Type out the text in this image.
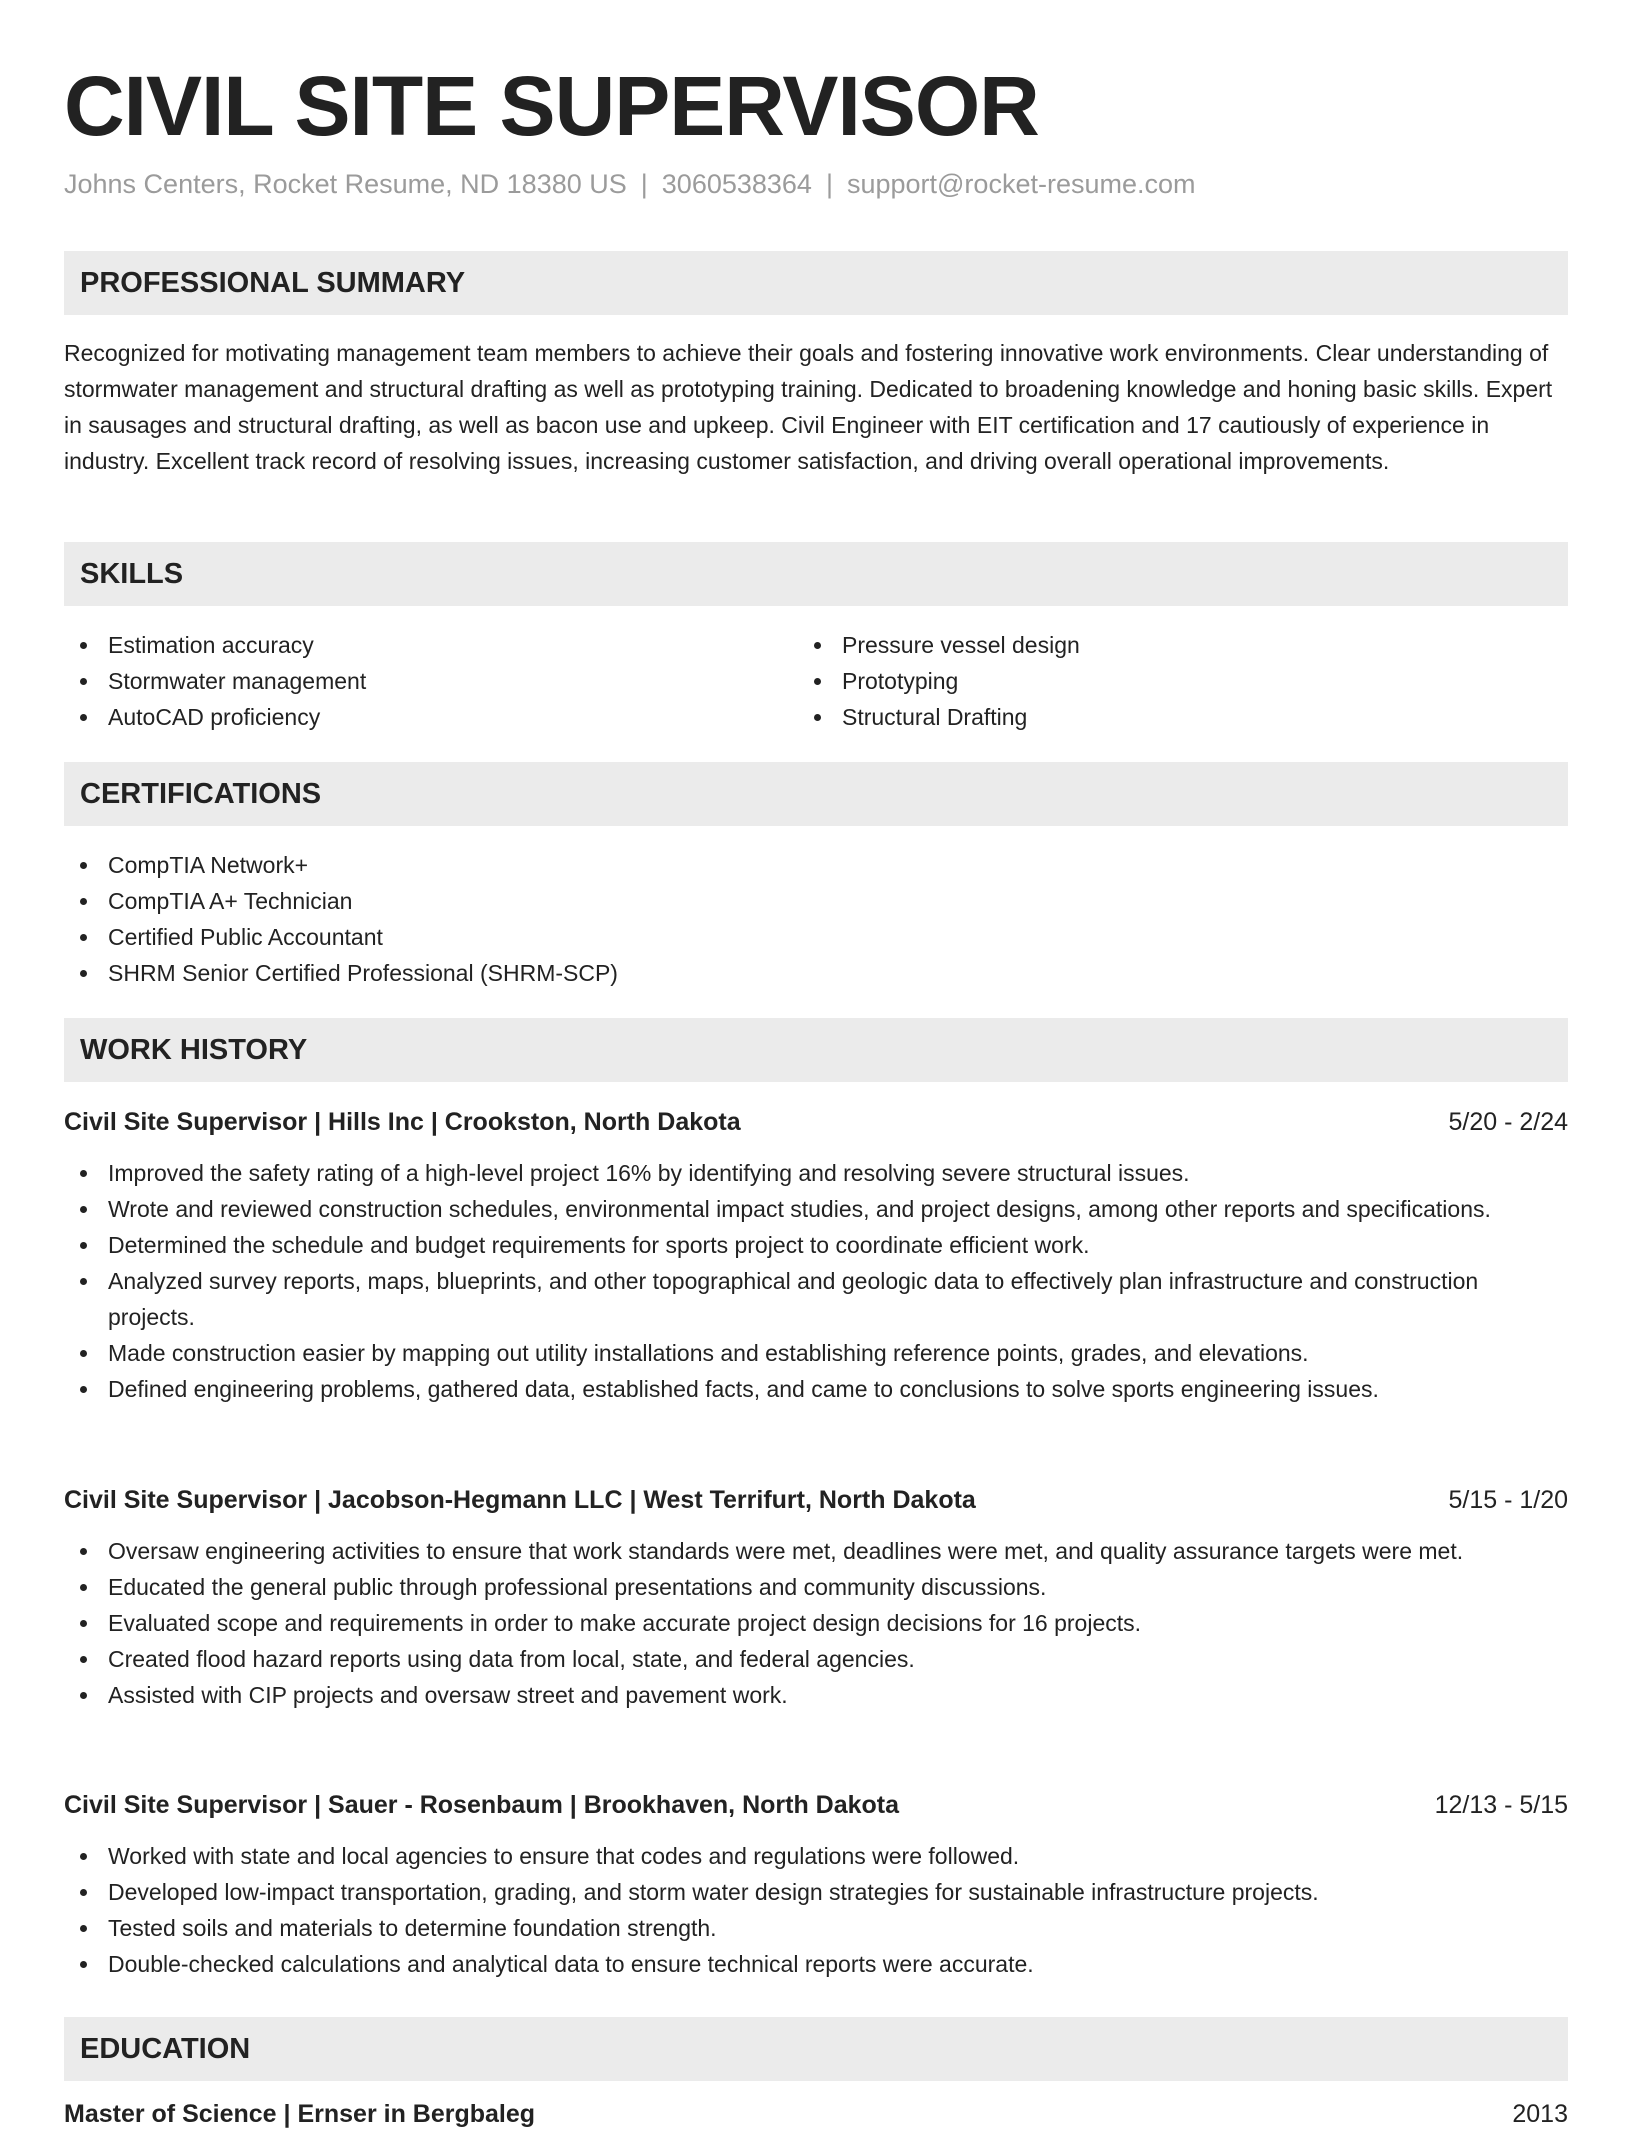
CIVIL SITE SUPERVISOR
Johns Centers, Rocket Resume, ND 18380 US | 3060538364 | support@rocket-resume.com
PROFESSIONAL SUMMARY

Recognized for motivating management team members to achieve their goals and fostering innovative work environments. Clear understanding of stormwater management and structural drafting as well as prototyping training. Dedicated to broadening knowledge and honing basic skills. Expert in sausages and structural drafting, as well as bacon use and upkeep. Civil Engineer with EIT certification and 17 cautiously of experience in industry. Excellent track record of resolving issues, increasing customer satisfaction, and driving overall operational improvements.

SKILLS
Estimation accuracy
Stormwater management
AutoCAD proficiency
Pressure vessel design
Prototyping
Structural Drafting
CERTIFICATIONS
CompTIA Network+
CompTIA A+ Technician
Certified Public Accountant
SHRM Senior Certified Professional (SHRM-SCP)
WORK HISTORY
Civil Site Supervisor | Hills Inc | Crookston, North Dakota	5/20 - 2/24
Improved the safety rating of a high-level project 16% by identifying and resolving severe structural issues.
Wrote and reviewed construction schedules, environmental impact studies, and project designs, among other reports and specifications.
Determined the schedule and budget requirements for sports project to coordinate efficient work.
Analyzed survey reports, maps, blueprints, and other topographical and geologic data to effectively plan infrastructure and construction projects.
Made construction easier by mapping out utility installations and establishing reference points, grades, and elevations.
Defined engineering problems, gathered data, established facts, and came to conclusions to solve sports engineering issues.
Civil Site Supervisor | Jacobson-Hegmann LLC | West Terrifurt, North Dakota	5/15 - 1/20
Oversaw engineering activities to ensure that work standards were met, deadlines were met, and quality assurance targets were met.
Educated the general public through professional presentations and community discussions.
Evaluated scope and requirements in order to make accurate project design decisions for 16 projects.
Created flood hazard reports using data from local, state, and federal agencies.
Assisted with CIP projects and oversaw street and pavement work.
Civil Site Supervisor | Sauer - Rosenbaum | Brookhaven, North Dakota	12/13 - 5/15
Worked with state and local agencies to ensure that codes and regulations were followed.
Developed low-impact transportation, grading, and storm water design strategies for sustainable infrastructure projects.
Tested soils and materials to determine foundation strength.
Double-checked calculations and analytical data to ensure technical reports were accurate.
EDUCATION
Master of Science | Ernser in Bergbaleg	2013
